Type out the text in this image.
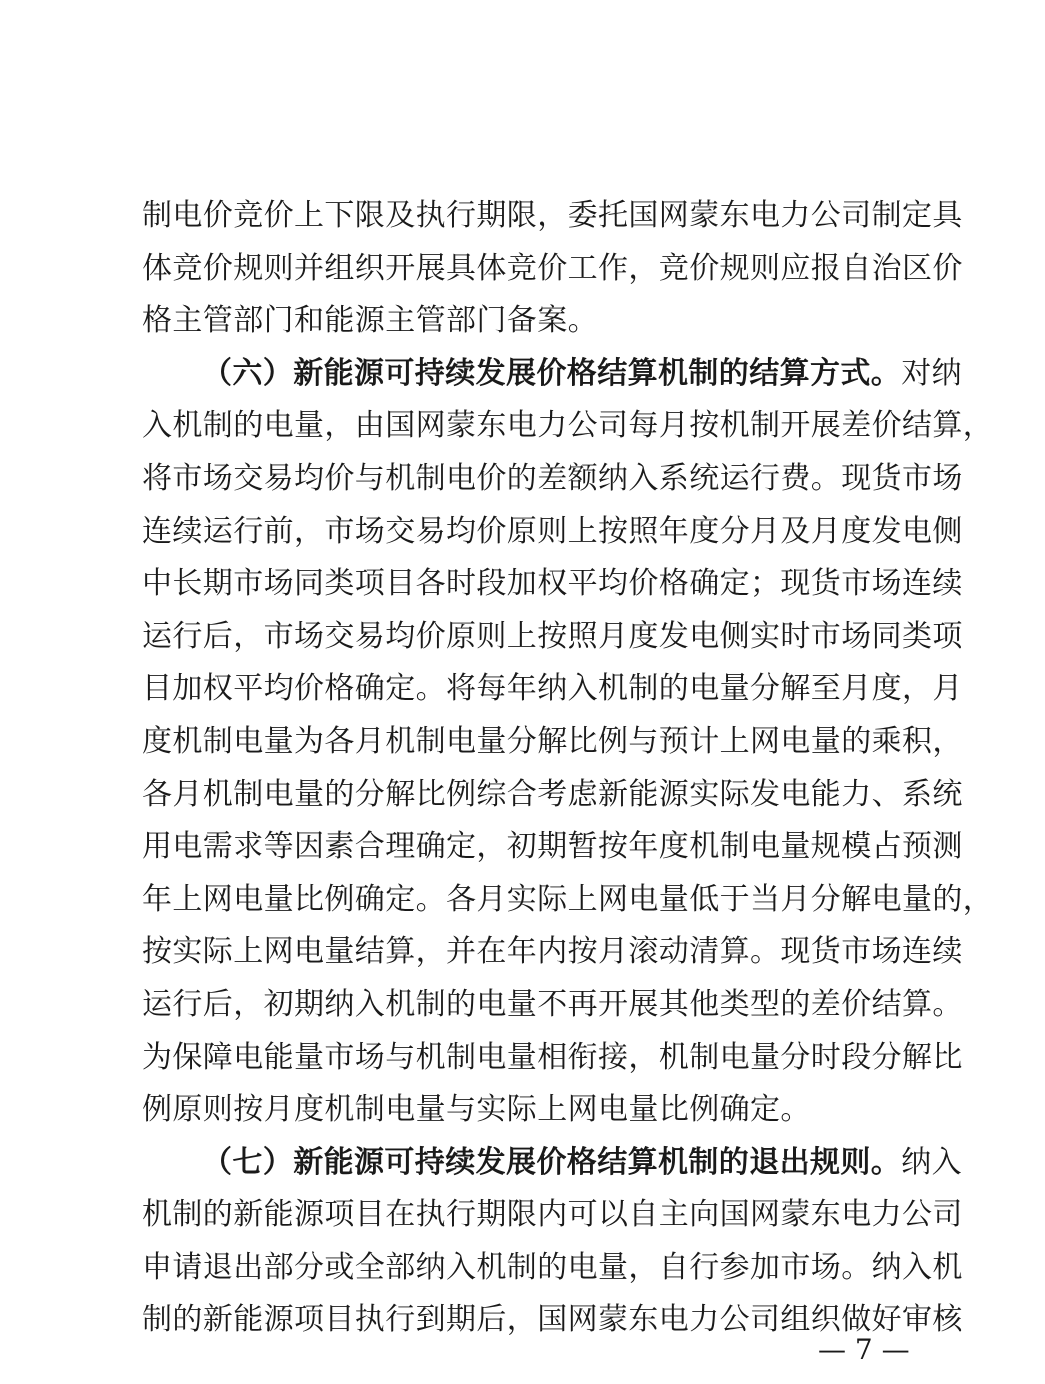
制电价竞价上下限及执行期限，委托国网蒙东电力公司制定具
体竞价规则并组织开展具体竞价工作，竞价规则应报自治区价
格主管部门和能源主管部门备案。
（六）新能源可持续发展价格结算机制的结算方式。对纳
入机制的电量，由国网蒙东电力公司每月按机制开展差价结算，
将市场交易均价与机制电价的差额纳入系统运行费。现货市场
连续运行前，市场交易均价原则上按照年度分月及月度发电侧
中长期市场同类项目各时段加权平均价格确定；现货市场连续
运行后，市场交易均价原则上按照月度发电侧实时市场同类项
目加权平均价格确定。将每年纳入机制的电量分解至月度，月
度机制电量为各月机制电量分解比例与预计上网电量的乘积，
各月机制电量的分解比例综合考虑新能源实际发电能力、系统
用电需求等因素合理确定，初期暂按年度机制电量规模占预测
年上网电量比例确定。各月实际上网电量低于当月分解电量的，
按实际上网电量结算，并在年内按月滚动清算。现货市场连续
运行后，初期纳入机制的电量不再开展其他类型的差价结算。
为保障电能量市场与机制电量相衔接，机制电量分时段分解比
例原则按月度机制电量与实际上网电量比例确定。
（七）新能源可持续发展价格结算机制的退出规则。纳入
机制的新能源项目在执行期限内可以自主向国网蒙东电力公司
申请退出部分或全部纳入机制的电量，自行参加市场。纳入机
制的新能源项目执行到期后，国网蒙东电力公司组织做好审核
— 7 —
